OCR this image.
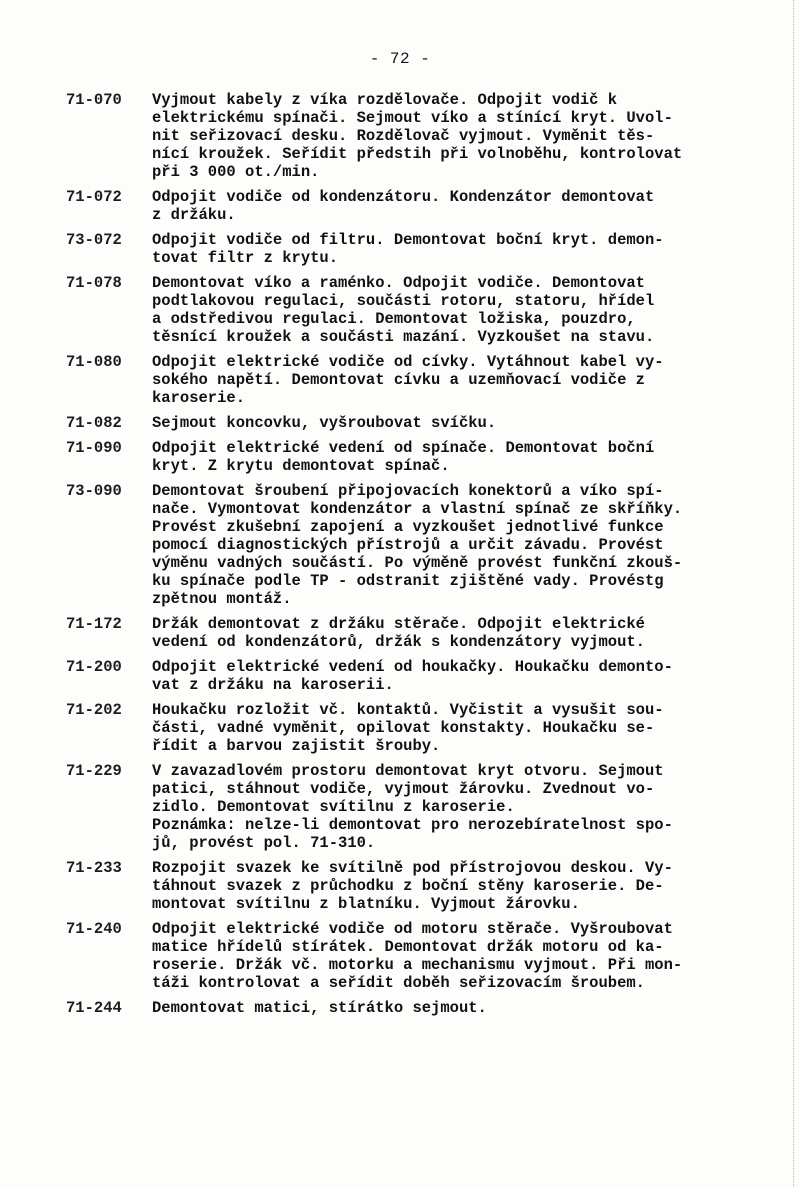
- 72 -
71-070	Vyjmout kabely z víka rozdělovače. Odpojit vodič k
elektrickému spínači. Sejmout víko a stínící kryt. Uvol-
nit seřizovací desku. Rozdělovač vyjmout. Vyměnit těs-
nící kroužek. Seřídit předstih při volnoběhu, kontrolovat
při 3 000 ot./min.
71-072	Odpojit vodiče od kondenzátoru. Kondenzátor demontovat
z držáku.
73-072	Odpojit vodiče od filtru. Demontovat boční kryt. demon-
tovat filtr z krytu.
71-078	Demontovat víko a raménko. Odpojit vodiče. Demontovat
podtlakovou regulaci, součásti rotoru, statoru, hřídel
a odstředivou regulaci. Demontovat ložiska, pouzdro,
těsnící kroužek a součásti mazání. Vyzkoušet na stavu.
71-080	Odpojit elektrické vodiče od cívky. Vytáhnout kabel vy-
sokého napětí. Demontovat cívku a uzemňovací vodiče z
karoserie.
71-082	Sejmout koncovku, vyšroubovat svíčku.
71-090	Odpojit elektrické vedení od spínače. Demontovat boční
kryt. Z krytu demontovat spínač.
73-090	Demontovat šroubení připojovacích konektorů a víko spí-
nače. Vymontovat kondenzátor a vlastní spínač ze skříňky.
Provést zkušební zapojení a vyzkoušet jednotlivé funkce
pomocí diagnostických přístrojů a určit závadu. Provést
výměnu vadných součástí. Po výměně provést funkční zkouš-
ku spínače podle TP - odstranit zjištěné vady. Provéstg
zpětnou montáž.
71-172	Držák demontovat z držáku stěrače. Odpojit elektrické
vedení od kondenzátorů, držák s kondenzátory vyjmout.
71-200	Odpojit elektrické vedení od houkačky. Houkačku demonto-
vat z držáku na karoserii.
71-202	Houkačku rozložit vč. kontaktů. Vyčistit a vysušit sou-
části, vadné vyměnit, opilovat konstakty. Houkačku se-
řídit a barvou zajistit šrouby.
71-229	V zavazadlovém prostoru demontovat kryt otvoru. Sejmout
patici, stáhnout vodiče, vyjmout žárovku. Zvednout vo-
zidlo. Demontovat svítilnu z karoserie.
Poznámka: nelze-li demontovat pro nerozebíratelnost spo-
jů, provést pol. 71-310.
71-233	Rozpojit svazek ke svítilně pod přístrojovou deskou. Vy-
táhnout svazek z průchodku z boční stěny karoserie. De-
montovat svítilnu z blatníku. Vyjmout žárovku.
71-240	Odpojit elektrické vodiče od motoru stěrače. Vyšroubovat
matice hřídelů stírátek. Demontovat držák motoru od ka-
roserie. Držák vč. motorku a mechanismu vyjmout. Při mon-
táži kontrolovat a seřídit doběh seřizovacím šroubem.
71-244	Demontovat matici, stírátko sejmout.
